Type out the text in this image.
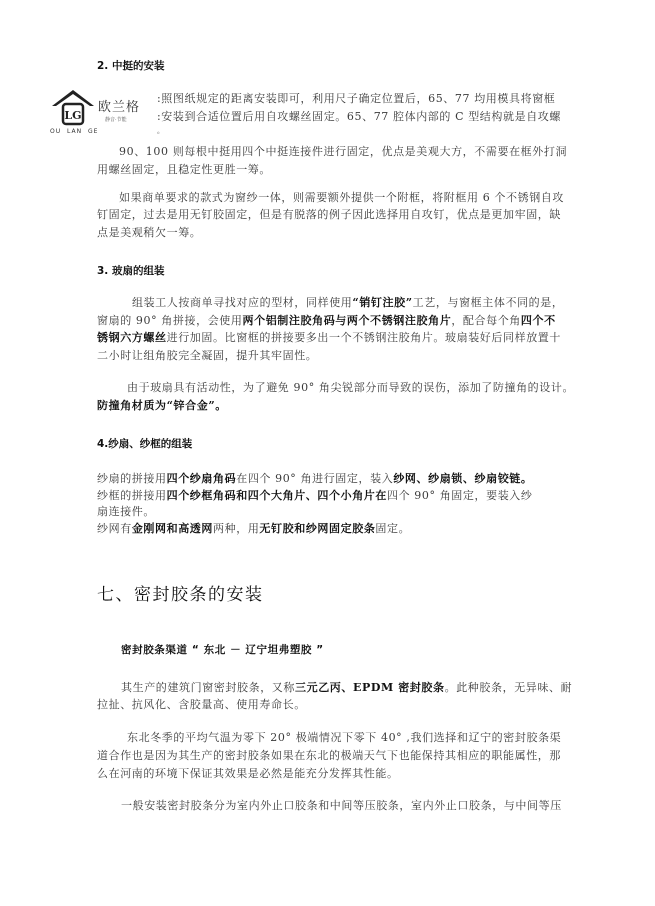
2. 中挺的安装
LG
欧兰格
静音·节能
OU LAN GE
:照图纸规定的距离安装即可，利用尺子确定位置后，65、77 均用模具将窗框
:安装到合适位置后用自攻螺丝固定。65、77 腔体内部的 C 型结构就是自攻螺
。
90、100 则每根中挺用四个中挺连接件进行固定，优点是美观大方，不需要在框外打洞
用螺丝固定，且稳定性更胜一筹。
如果商单要求的款式为窗纱一体，则需要额外提供一个附框，将附框用 6 个不锈钢自攻
钉固定，过去是用无钉胶固定，但是有脱落的例子因此选择用自攻钉，优点是更加牢固，缺
点是美观稍欠一筹。
3. 玻扇的组装
组装工人按商单寻找对应的型材，同样使用“销钉注胶”工艺，与窗框主体不同的是，
窗扇的 90° 角拼接，会使用两个铝制注胶角码与两个不锈钢注胶角片，配合每个角四个不
锈钢六方螺丝进行加固。比窗框的拼接要多出一个不锈钢注胶角片。玻扇装好后同样放置十
二小时让组角胶完全凝固，提升其牢固性。
由于玻扇具有活动性，为了避免 90° 角尖锐部分而导致的误伤，添加了防撞角的设计。
防撞角材质为“锌合金”。
4.纱扇、纱框的组装
纱扇的拼接用四个纱扇角码在四个 90° 角进行固定，装入纱网、纱扇锁、纱扇铰链。
纱框的拼接用四个纱框角码和四个大角片、四个小角片在四个 90° 角固定，要装入纱
扇连接件。
纱网有金刚网和高透网两种，用无钉胶和纱网固定胶条固定。
七、密封胶条的安装
密封胶条渠道 “ 东北 － 辽宁坦弗塑胶 ”
其生产的建筑门窗密封胶条，又称三元乙丙、EPDM 密封胶条。此种胶条，无异味、耐
拉扯、抗风化、含胶量高、使用寿命长。
东北冬季的平均气温为零下 20° 极端情况下零下 40° ,我们选择和辽宁的密封胶条渠
道合作也是因为其生产的密封胶条如果在东北的极端天气下也能保持其相应的职能属性，那
么在河南的环境下保证其效果是必然是能充分发挥其性能。
一般安装密封胶条分为室内外止口胶条和中间等压胶条，室内外止口胶条，与中间等压
